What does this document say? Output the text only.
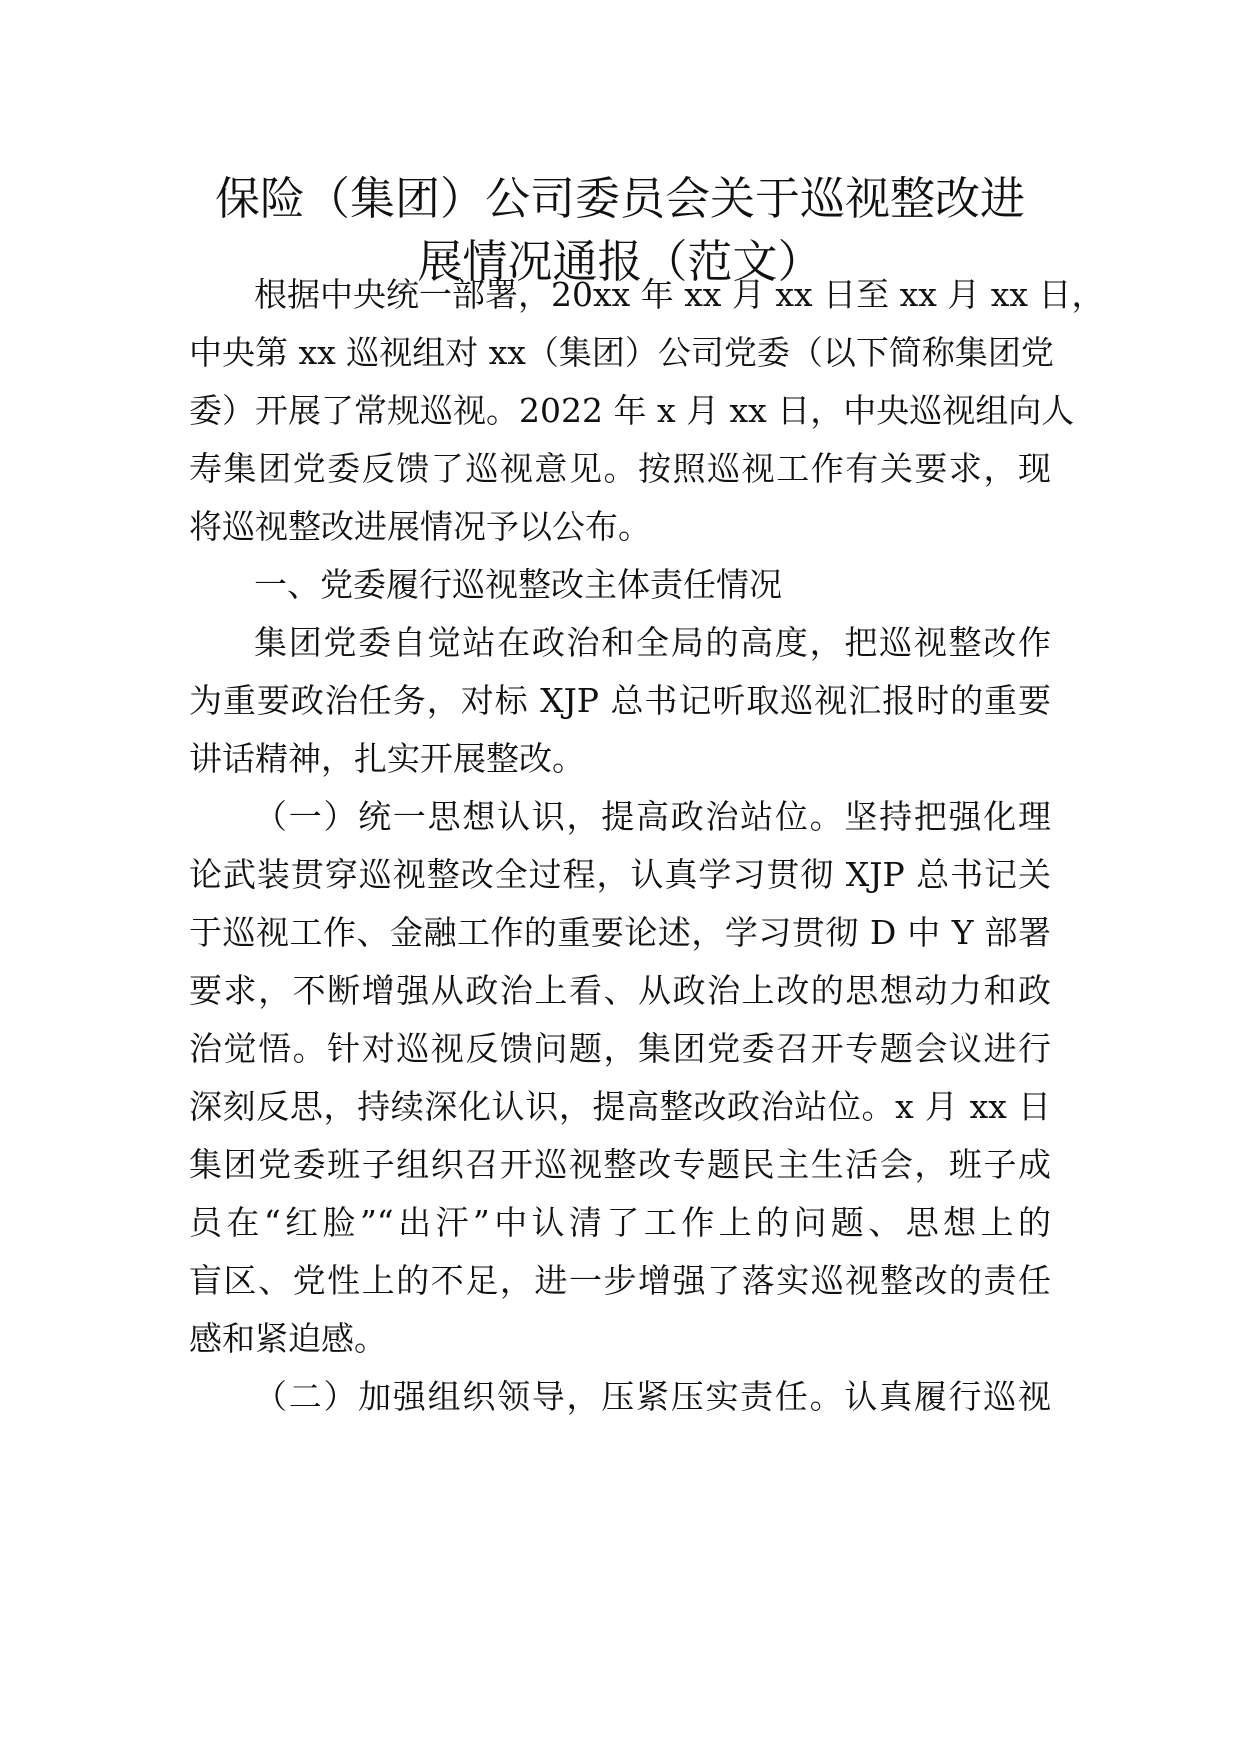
保险（集团）公司委员会关于巡视整改进
展情况通报（范文）
根据中央统一部署，20xx 年 xx 月 xx 日至 xx 月 xx 日，
中央第 xx 巡视组对 xx（集团）公司党委（以下简称集团党
委）开展了常规巡视。2022 年 x 月 xx 日，中央巡视组向人
寿集团党委反馈了巡视意见。按照巡视工作有关要求，现
将巡视整改进展情况予以公布。
一、党委履行巡视整改主体责任情况
集团党委自觉站在政治和全局的高度，把巡视整改作
为重要政治任务，对标 XJP 总书记听取巡视汇报时的重要
讲话精神，扎实开展整改。
（一）统一思想认识，提高政治站位。坚持把强化理
论武装贯穿巡视整改全过程，认真学习贯彻 XJP 总书记关
于巡视工作、金融工作的重要论述，学习贯彻 D 中 Y 部署
要求，不断增强从政治上看、从政治上改的思想动力和政
治觉悟。针对巡视反馈问题，集团党委召开专题会议进行
深刻反思，持续深化认识，提高整改政治站位。x 月 xx 日
集团党委班子组织召开巡视整改专题民主生活会，班子成
员在“红脸”“出汗”中认清了工作上的问题、思想上的
盲区、党性上的不足，进一步增强了落实巡视整改的责任
感和紧迫感。
（二）加强组织领导，压紧压实责任。认真履行巡视
